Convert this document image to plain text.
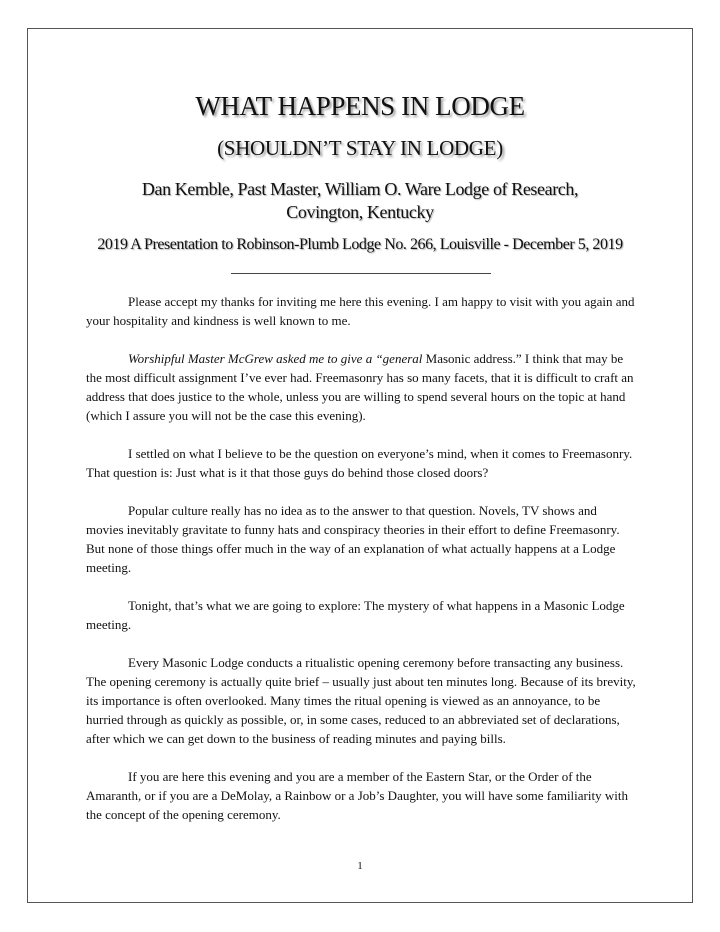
WHAT HAPPENS IN LODGE
(SHOULDN’T STAY IN LODGE)
Dan Kemble, Past Master, William O. Ware Lodge of Research,
Covington, Kentucky
2019 A Presentation to Robinson-Plumb Lodge No. 266, Louisville - December 5, 2019

Please accept my thanks for inviting me here this evening. I am happy to visit with you again and your hospitality and kindness is well known to me.

Worshipful Master McGrew asked me to give a “general Masonic address.” I think that may be the most difficult assignment I’ve ever had. Freemasonry has so many facets, that it is difficult to craft an address that does justice to the whole, unless you are willing to spend several hours on the topic at hand (which I assure you will not be the case this evening).

I settled on what I believe to be the question on everyone’s mind, when it comes to Freemasonry. That question is: Just what is it that those guys do behind those closed doors?

Popular culture really has no idea as to the answer to that question. Novels, TV shows and movies inevitably gravitate to funny hats and conspiracy theories in their effort to define Freemasonry. But none of those things offer much in the way of an explanation of what actually happens at a Lodge meeting.

Tonight, that’s what we are going to explore: The mystery of what happens in a Masonic Lodge meeting.

Every Masonic Lodge conducts a ritualistic opening ceremony before transacting any business. The opening ceremony is actually quite brief – usually just about ten minutes long. Because of its brevity, its importance is often overlooked. Many times the ritual opening is viewed as an annoyance, to be hurried through as quickly as possible, or, in some cases, reduced to an abbreviated set of declarations, after which we can get down to the business of reading minutes and paying bills.

If you are here this evening and you are a member of the Eastern Star, or the Order of the Amaranth, or if you are a DeMolay, a Rainbow or a Job’s Daughter, you will have some familiarity with the concept of the opening ceremony.

1
